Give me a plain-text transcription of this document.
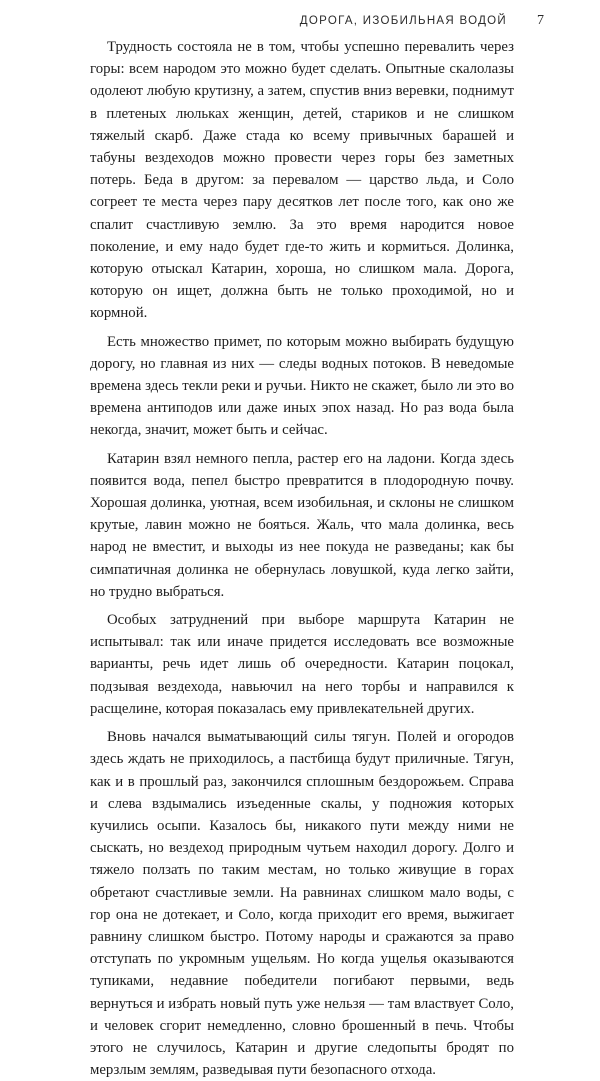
ДОРОГА, ИЗОБИЛЬНАЯ ВОДОЙ 7

Трудность состояла не в том, чтобы успешно перевалить через горы: всем народом это можно будет сделать. Опытные скалолазы одолеют любую крутизну, а затем, спустив вниз веревки, поднимут в плетеных люльках женщин, детей, стариков и не слишком тяжелый скарб. Даже стада ко всему привычных барашей и табуны вездеходов можно провести через горы без заметных потерь. Беда в другом: за перевалом — царство льда, и Соло согреет те места через пару десятков лет после того, как оно же спалит счастливую землю. За это время народится новое поколение, и ему надо будет где-то жить и кормиться. Долинка, которую отыскал Катарин, хороша, но слишком мала. Дорога, которую он ищет, должна быть не только проходимой, но и кормной.

Есть множество примет, по которым можно выбирать будущую дорогу, но главная из них — следы водных потоков. В неведомые времена здесь текли реки и ручьи. Никто не скажет, было ли это во времена антиподов или даже иных эпох назад. Но раз вода была некогда, значит, может быть и сейчас.

Катарин взял немного пепла, растер его на ладони. Когда здесь появится вода, пепел быстро превратится в плодородную почву. Хорошая долинка, уютная, всем изобильная, и склоны не слишком крутые, лавин можно не бояться. Жаль, что мала долинка, весь народ не вместит, и выходы из нее покуда не разведаны; как бы симпатичная долинка не обернулась ловушкой, куда легко зайти, но трудно выбраться.

Особых затруднений при выборе маршрута Катарин не испытывал: так или иначе придется исследовать все возможные варианты, речь идет лишь об очередности. Катарин поцокал, подзывая вездехода, навьючил на него торбы и направился к расщелине, которая показалась ему привлекательней других.

Вновь начался выматывающий силы тягун. Полей и огородов здесь ждать не приходилось, а пастбища будут приличные. Тягун, как и в прошлый раз, закончился сплошным бездорожьем. Справа и слева вздымались изъеденные скалы, у подножия которых кучились осыпи. Казалось бы, никакого пути между ними не сыскать, но вездеход природным чутьем находил дорогу. Долго и тяжело ползать по таким местам, но только живущие в горах обретают счастливые земли. На равнинах слишком мало воды, с гор она не дотекает, и Соло, когда приходит его время, выжигает равнину слишком быстро. Потому народы и сражаются за право отступать по укромным ущельям. Но когда ущелья оказываются тупиками, недавние победители погибают первыми, ведь вернуться и избрать новый путь уже нельзя — там властвует Соло, и человек сгорит немедленно, словно брошенный в печь. Чтобы этого не случилось, Катарин и другие следопыты бродят по мерзлым землям, разведывая пути безопасного отхода.
